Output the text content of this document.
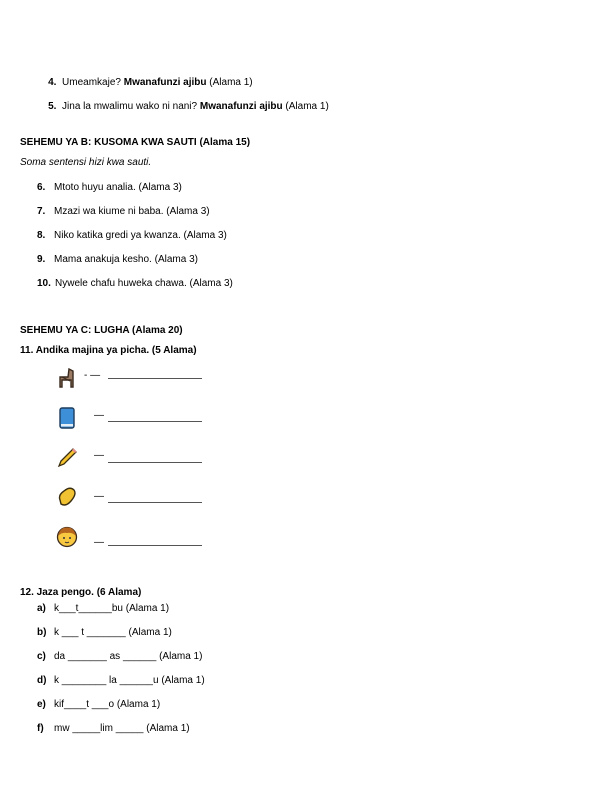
4. Umeamkaje? Mwanafunzi ajibu (Alama 1)

5. Jina la mwalimu wako ni nani? Mwanafunzi ajibu (Alama 1)

SEHEMU YA B: KUSOMA KWA SAUTI (Alama 15)
Soma sentensi hizi kwa sauti.
6. Mtoto huyu analia. (Alama 3)
7. Mzazi wa kiume ni baba. (Alama 3)
8. Niko katika gredi ya kwanza. (Alama 3)
9. Mama anakuja kesho. (Alama 3)
10. Nywele chafu huweka chawa. (Alama 3)
SEHEMU YA C: LUGHA (Alama 20)
11. Andika majina ya picha. (5 Alama)
- —
—
—
—
—
12. Jaza pengo. (6 Alama)
a) k___t______bu (Alama 1)
b) k ___ t _______ (Alama 1)
c) da _______ as ______ (Alama 1)
d) k ________ la ______u (Alama 1)
e) kif____t ___o (Alama 1)
f) mw _____lim _____ (Alama 1)
